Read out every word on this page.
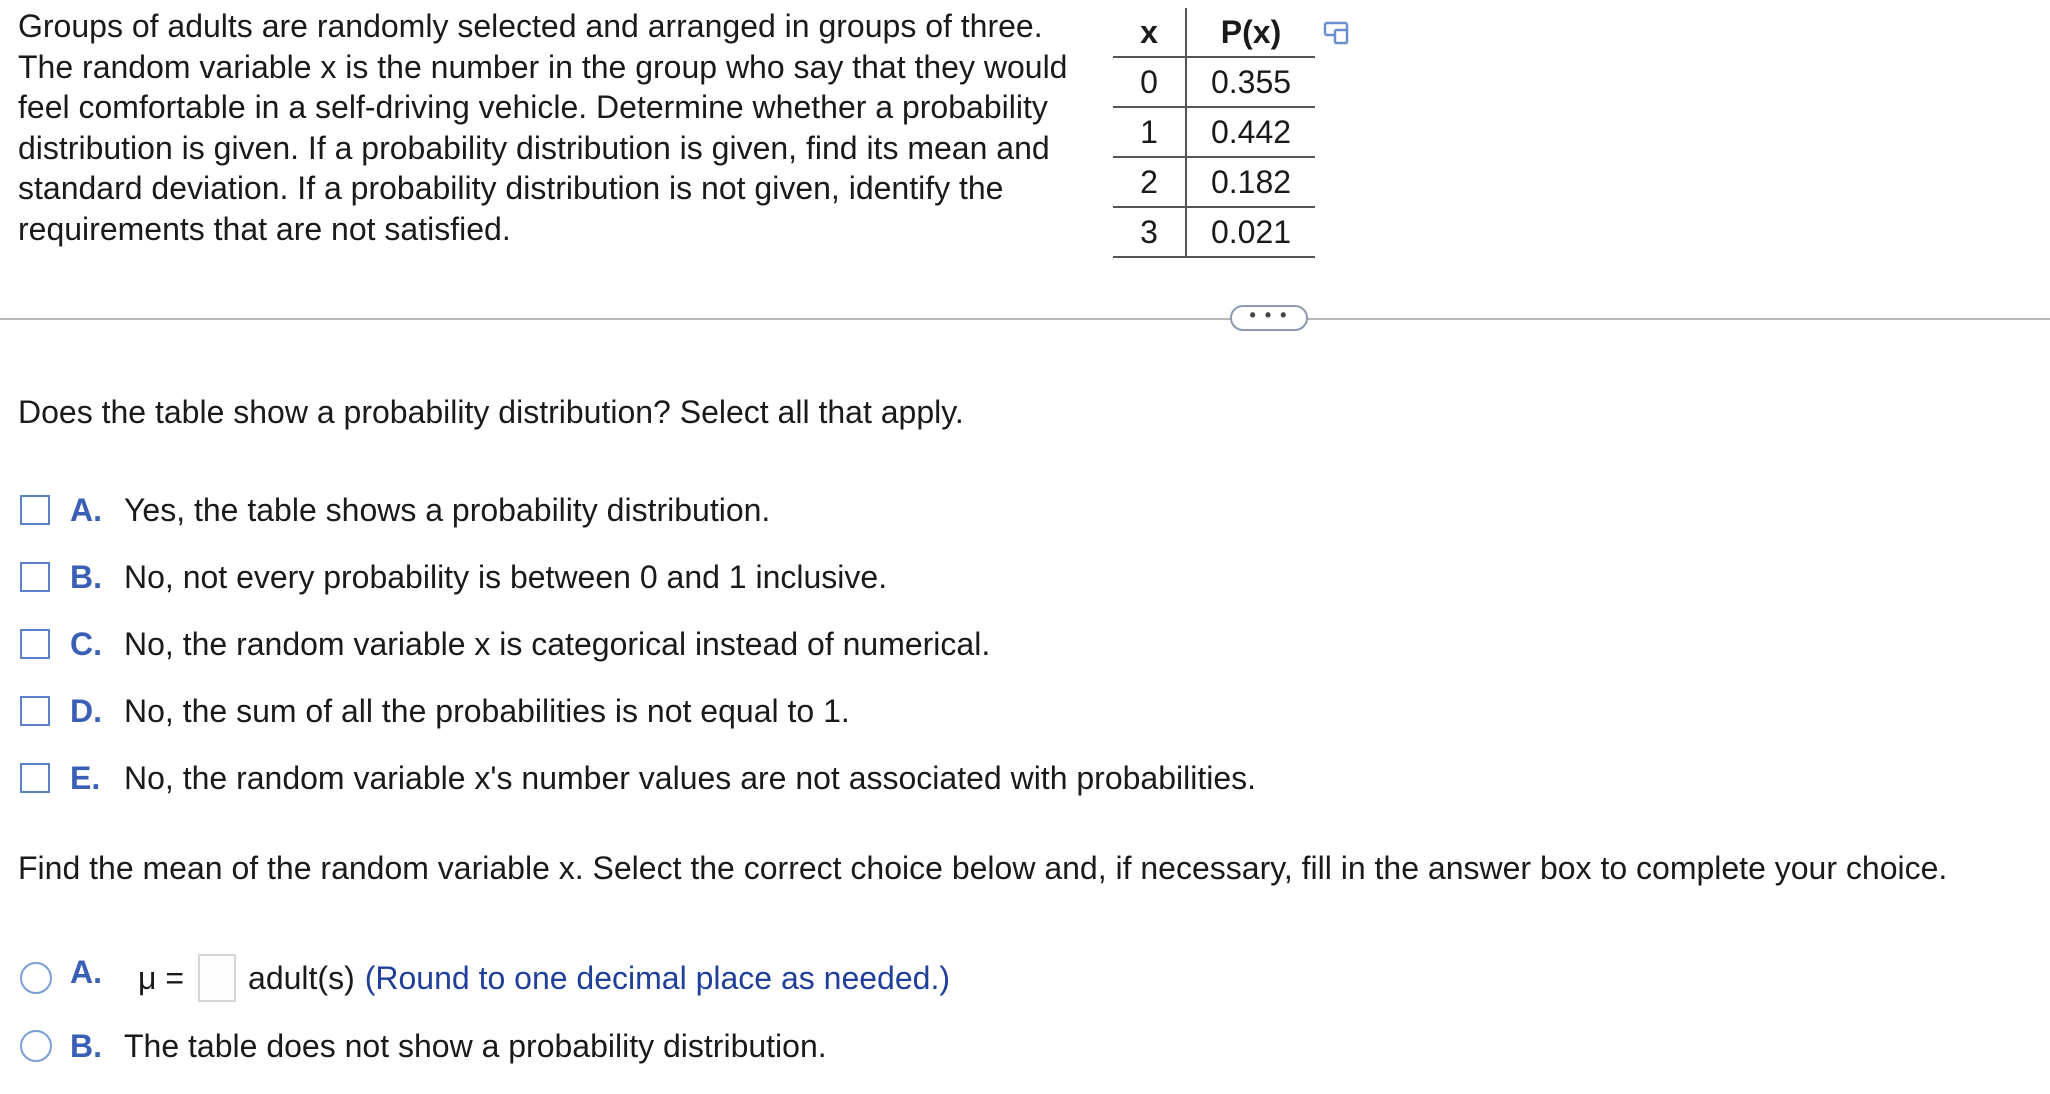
Groups of adults are randomly selected and arranged in groups of three. The random variable x is the number in the group who say that they would feel comfortable in a self-driving vehicle. Determine whether a probability distribution is given. If a probability distribution is given, find its mean and standard deviation. If a probability distribution is not given, identify the requirements that are not satisfied.

x	P(x)
0	0.355
1	0.442
2	0.182
3	0.021
• • •

Does the table show a probability distribution? Select all that apply.

A. Yes, the table shows a probability distribution.
B. No, not every probability is between 0 and 1 inclusive.
C. No, the random variable x is categorical instead of numerical.
D. No, the sum of all the probabilities is not equal to 1.
E. No, the random variable x's number values are not associated with probabilities.

Find the mean of the random variable x. Select the correct choice below and, if necessary, fill in the answer box to complete your choice.

A.	μ = adult(s) (Round to one decimal place as needed.)
B. The table does not show a probability distribution.
